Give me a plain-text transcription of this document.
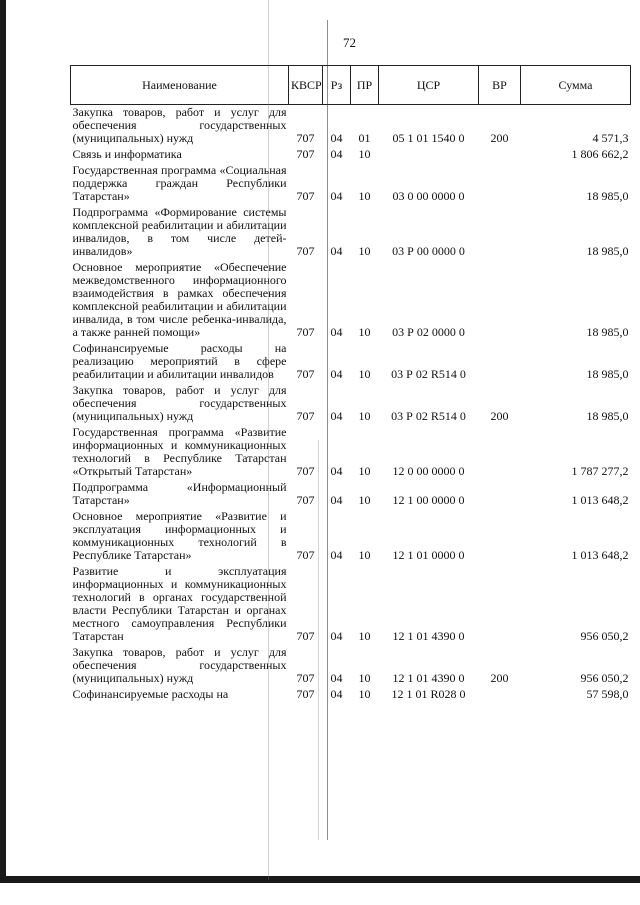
72
Наименование	КВСР	Рз	ПР	ЦСР	ВР	Сумма
Закупка товаров, работ и услуг для обеспечения государственных (муниципальных) нужд	707	04	01	05 1 01 1540 0	200	4 571,3
Связь и информатика	707	04	10			1 806 662,2
Государственная программа «Социальная поддержка граждан Республики Татарстан»	707	04	10	03 0 00 0000 0		18 985,0
Подпрограмма «Формирование системы комплексной реабилитации и абилитации инвалидов, в том числе детей-инвалидов»	707	04	10	03 Р 00 0000 0		18 985,0
Основное мероприятие «Обеспечение межведомственного информационного взаимодействия в рамках обеспечения комплексной реабилитации и абилитации инвалида, в том числе ребенка-инвалида, а также ранней помощи»	707	04	10	03 Р 02 0000 0		18 985,0
Софинансируемые расходы на реализацию мероприятий в сфере реабилитации и абилитации инвалидов	707	04	10	03 Р 02 R514 0		18 985,0
Закупка товаров, работ и услуг для обеспечения государственных (муниципальных) нужд	707	04	10	03 Р 02 R514 0	200	18 985,0
Государственная программа «Развитие информационных и коммуникационных технологий в Республике Татарстан «Открытый Татарстан»	707	04	10	12 0 00 0000 0		1 787 277,2
Подпрограмма «Информационный Татарстан»	707	04	10	12 1 00 0000 0		1 013 648,2
Основное мероприятие «Развитие и эксплуатация информационных и коммуникационных технологий в Республике Татарстан»	707	04	10	12 1 01 0000 0		1 013 648,2
Развитие и эксплуатация информационных и коммуникационных технологий в органах государственной власти Республики Татарстан и органах местного самоуправления Республики Татарстан	707	04	10	12 1 01 4390 0		956 050,2
Закупка товаров, работ и услуг для обеспечения государственных (муниципальных) нужд	707	04	10	12 1 01 4390 0	200	956 050,2
Софинансируемые расходы на	707	04	10	12 1 01 R028 0		57 598,0
